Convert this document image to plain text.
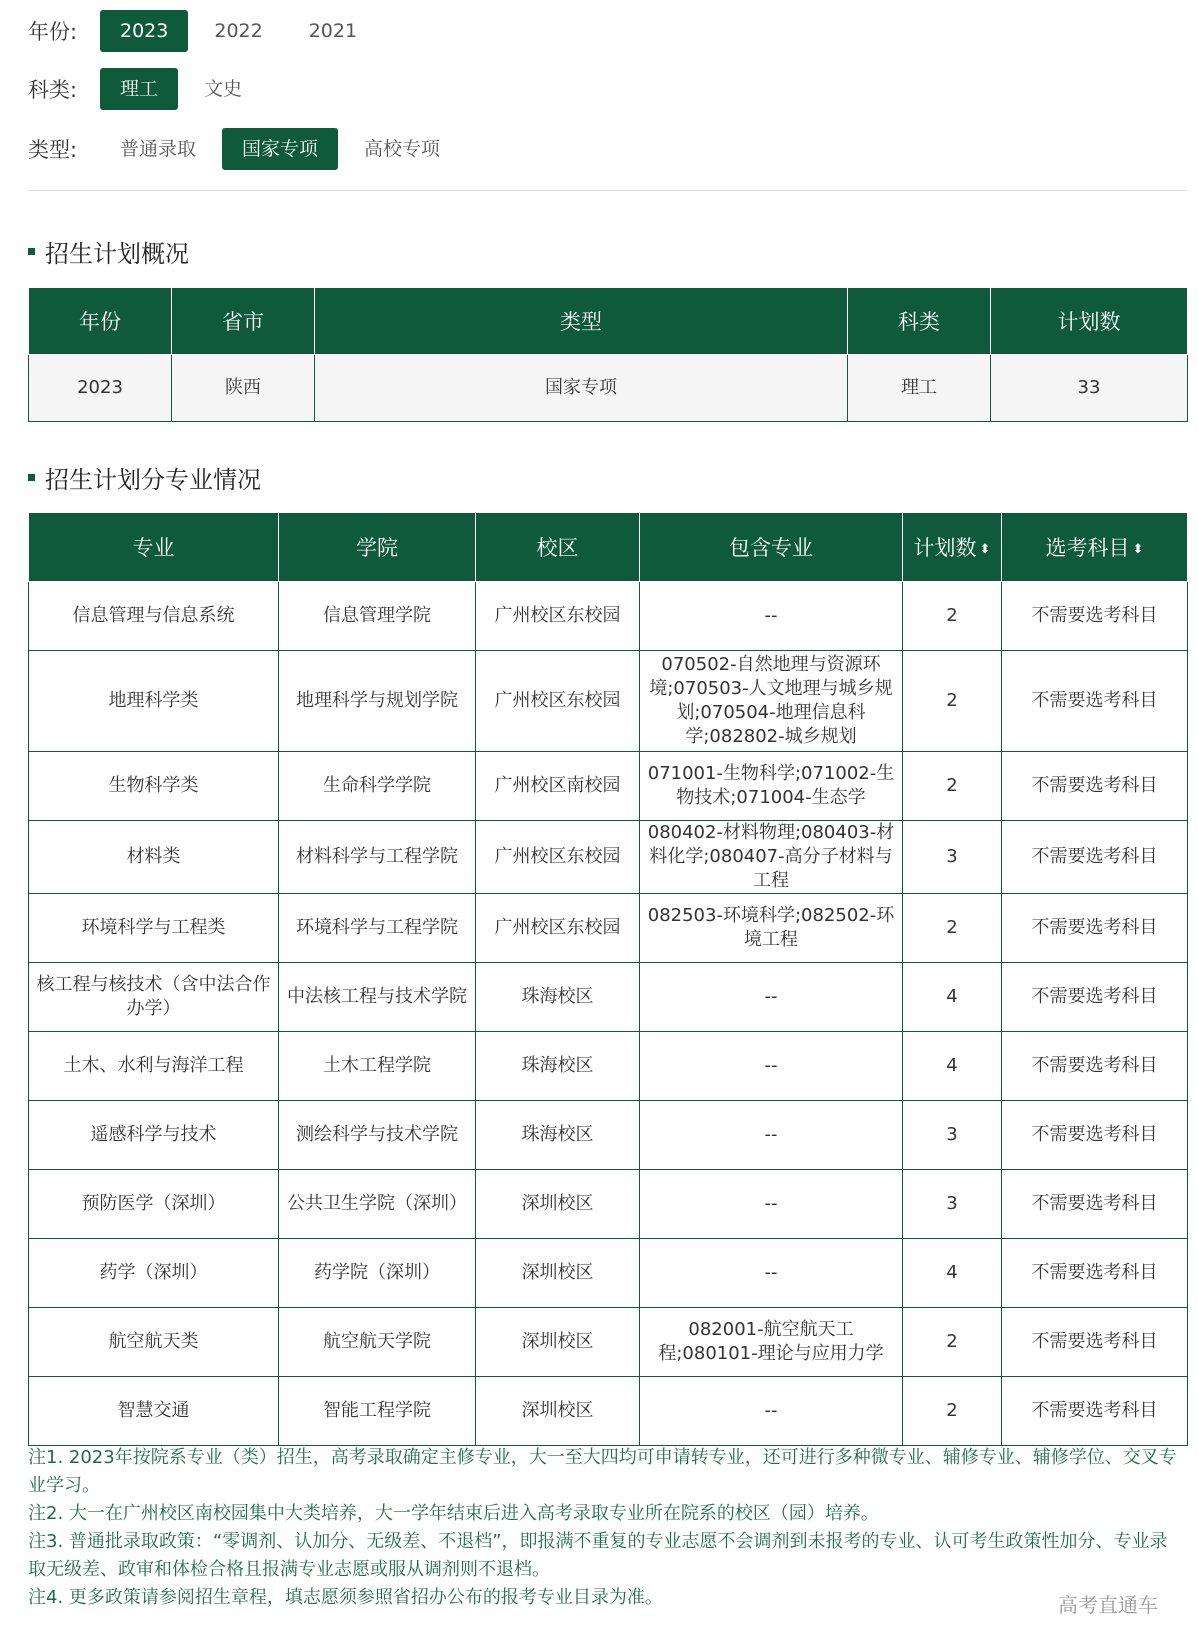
年份:	2023	2022	2021
科类:	理工	文史
类型:	普通录取	国家专项	高校专项
招生计划概况
年份	省市	类型	科类	计划数
2023	陕西	国家专项	理工	33
招生计划分专业情况
专业	学院	校区	包含专业	计划数 ⬍	选考科目 ⬍
信息管理与信息系统	信息管理学院	广州校区东校园	--	2	不需要选考科目
地理科学类	地理科学与规划学院	广州校区东校园	070502-自然地理与资源环境;070503-人文地理与城乡规划;070504-地理信息科学;082802-城乡规划	2	不需要选考科目
生物科学类	生命科学学院	广州校区南校园	071001-生物科学;071002-生物技术;071004-生态学	2	不需要选考科目
材料类	材料科学与工程学院	广州校区东校园	080402-材料物理;080403-材料化学;080407-高分子材料与工程	3	不需要选考科目
环境科学与工程类	环境科学与工程学院	广州校区东校园	082503-环境科学;082502-环境工程	2	不需要选考科目
核工程与核技术（含中法合作办学）	中法核工程与技术学院	珠海校区	--	4	不需要选考科目
土木、水利与海洋工程	土木工程学院	珠海校区	--	4	不需要选考科目
遥感科学与技术	测绘科学与技术学院	珠海校区	--	3	不需要选考科目
预防医学（深圳）	公共卫生学院（深圳）	深圳校区	--	3	不需要选考科目
药学（深圳）	药学院（深圳）	深圳校区	--	4	不需要选考科目
航空航天类	航空航天学院	深圳校区	082001-航空航天工程;080101-理论与应用力学	2	不需要选考科目
智慧交通	智能工程学院	深圳校区	--	2	不需要选考科目
注1. 2023年按院系专业（类）招生，高考录取确定主修专业，大一至大四均可申请转专业，还可进行多种微专业、辅修专业、辅修学位、交叉专业学习。
注2. 大一在广州校区南校园集中大类培养，大一学年结束后进入高考录取专业所在院系的校区（园）培养。
注3. 普通批录取政策：“零调剂、认加分、无级差、不退档”，即报满不重复的专业志愿不会调剂到未报考的专业、认可考生政策性加分、专业录取无级差、政审和体检合格且报满专业志愿或服从调剂则不退档。
注4. 更多政策请参阅招生章程，填志愿须参照省招办公布的报考专业目录为准。	高考直通车
